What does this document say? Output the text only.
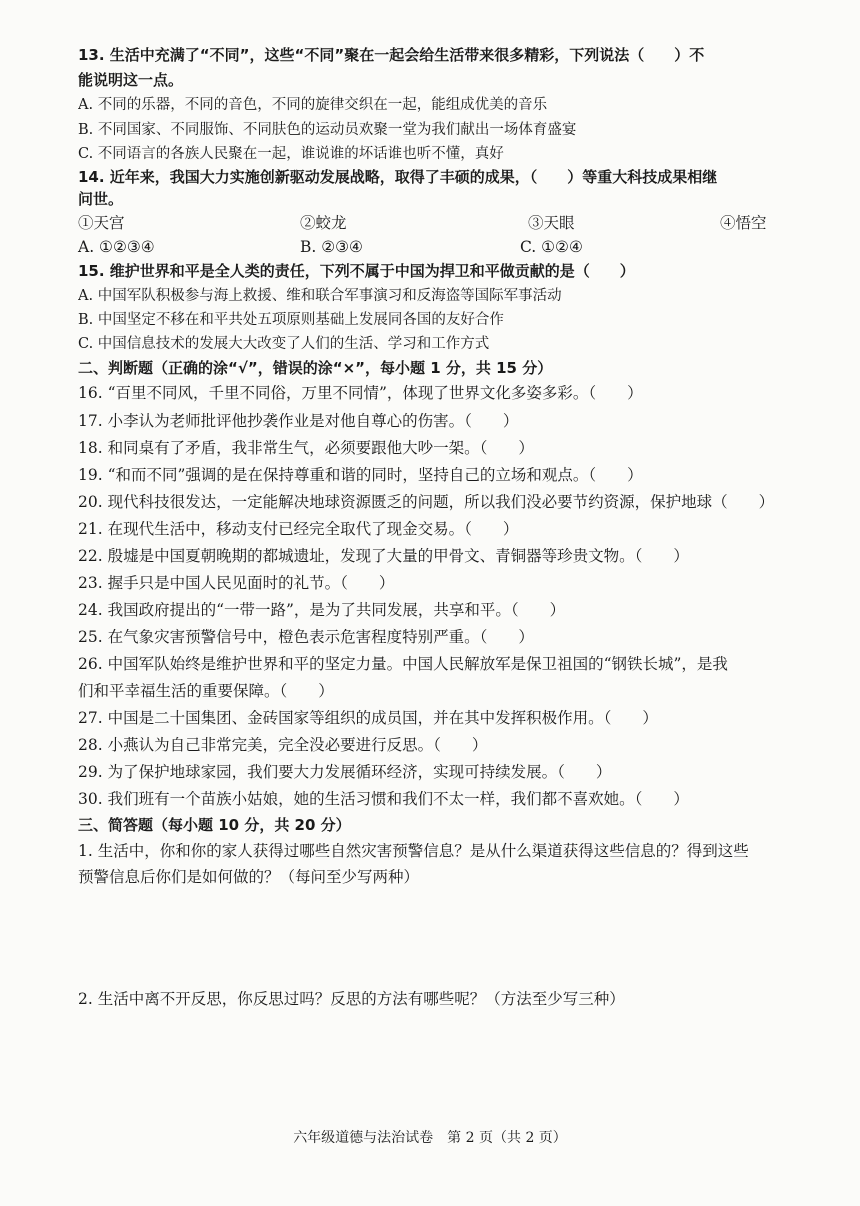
13. 生活中充满了“不同”，这些“不同”聚在一起会给生活带来很多精彩，下列说法（　　）不
能说明这一点。
A. 不同的乐器，不同的音色，不同的旋律交织在一起，能组成优美的音乐
B. 不同国家、不同服饰、不同肤色的运动员欢聚一堂为我们献出一场体育盛宴
C. 不同语言的各族人民聚在一起，谁说谁的坏话谁也听不懂，真好
14. 近年来，我国大力实施创新驱动发展战略，取得了丰硕的成果，（　　）等重大科技成果相继
问世。
①天宫	②蛟龙	③天眼	④悟空
A. ①②③④	B. ②③④	C. ①②④
15. 维护世界和平是全人类的责任，下列不属于中国为捍卫和平做贡献的是（　　）
A. 中国军队积极参与海上救援、维和联合军事演习和反海盗等国际军事活动
B. 中国坚定不移在和平共处五项原则基础上发展同各国的友好合作
C. 中国信息技术的发展大大改变了人们的生活、学习和工作方式
二、判断题（正确的涂“√”，错误的涂“×”，每小题 1 分，共 15 分）
16. “百里不同风，千里不同俗，万里不同情”，体现了世界文化多姿多彩。（　　）
17. 小李认为老师批评他抄袭作业是对他自尊心的伤害。（　　）
18. 和同桌有了矛盾，我非常生气，必须要跟他大吵一架。（　　）
19. “和而不同”强调的是在保持尊重和谐的同时，坚持自己的立场和观点。（　　）
20. 现代科技很发达，一定能解决地球资源匮乏的问题，所以我们没必要节约资源，保护地球（　　）
21. 在现代生活中，移动支付已经完全取代了现金交易。（　　）
22. 殷墟是中国夏朝晚期的都城遗址，发现了大量的甲骨文、青铜器等珍贵文物。（　　）
23. 握手只是中国人民见面时的礼节。（　　）
24. 我国政府提出的“一带一路”，是为了共同发展，共享和平。（　　）
25. 在气象灾害预警信号中，橙色表示危害程度特别严重。（　　）
26. 中国军队始终是维护世界和平的坚定力量。中国人民解放军是保卫祖国的“钢铁长城”，是我
们和平幸福生活的重要保障。（　　）
27. 中国是二十国集团、金砖国家等组织的成员国，并在其中发挥积极作用。（　　）
28. 小燕认为自己非常完美，完全没必要进行反思。（　　）
29. 为了保护地球家园，我们要大力发展循环经济，实现可持续发展。（　　）
30. 我们班有一个苗族小姑娘，她的生活习惯和我们不太一样，我们都不喜欢她。（　　）
三、简答题（每小题 10 分，共 20 分）
1. 生活中，你和你的家人获得过哪些自然灾害预警信息？是从什么渠道获得这些信息的？得到这些
预警信息后你们是如何做的？（每问至少写两种）
2. 生活中离不开反思，你反思过吗？反思的方法有哪些呢？（方法至少写三种）
六年级道德与法治试卷　第 2 页（共 2 页）
